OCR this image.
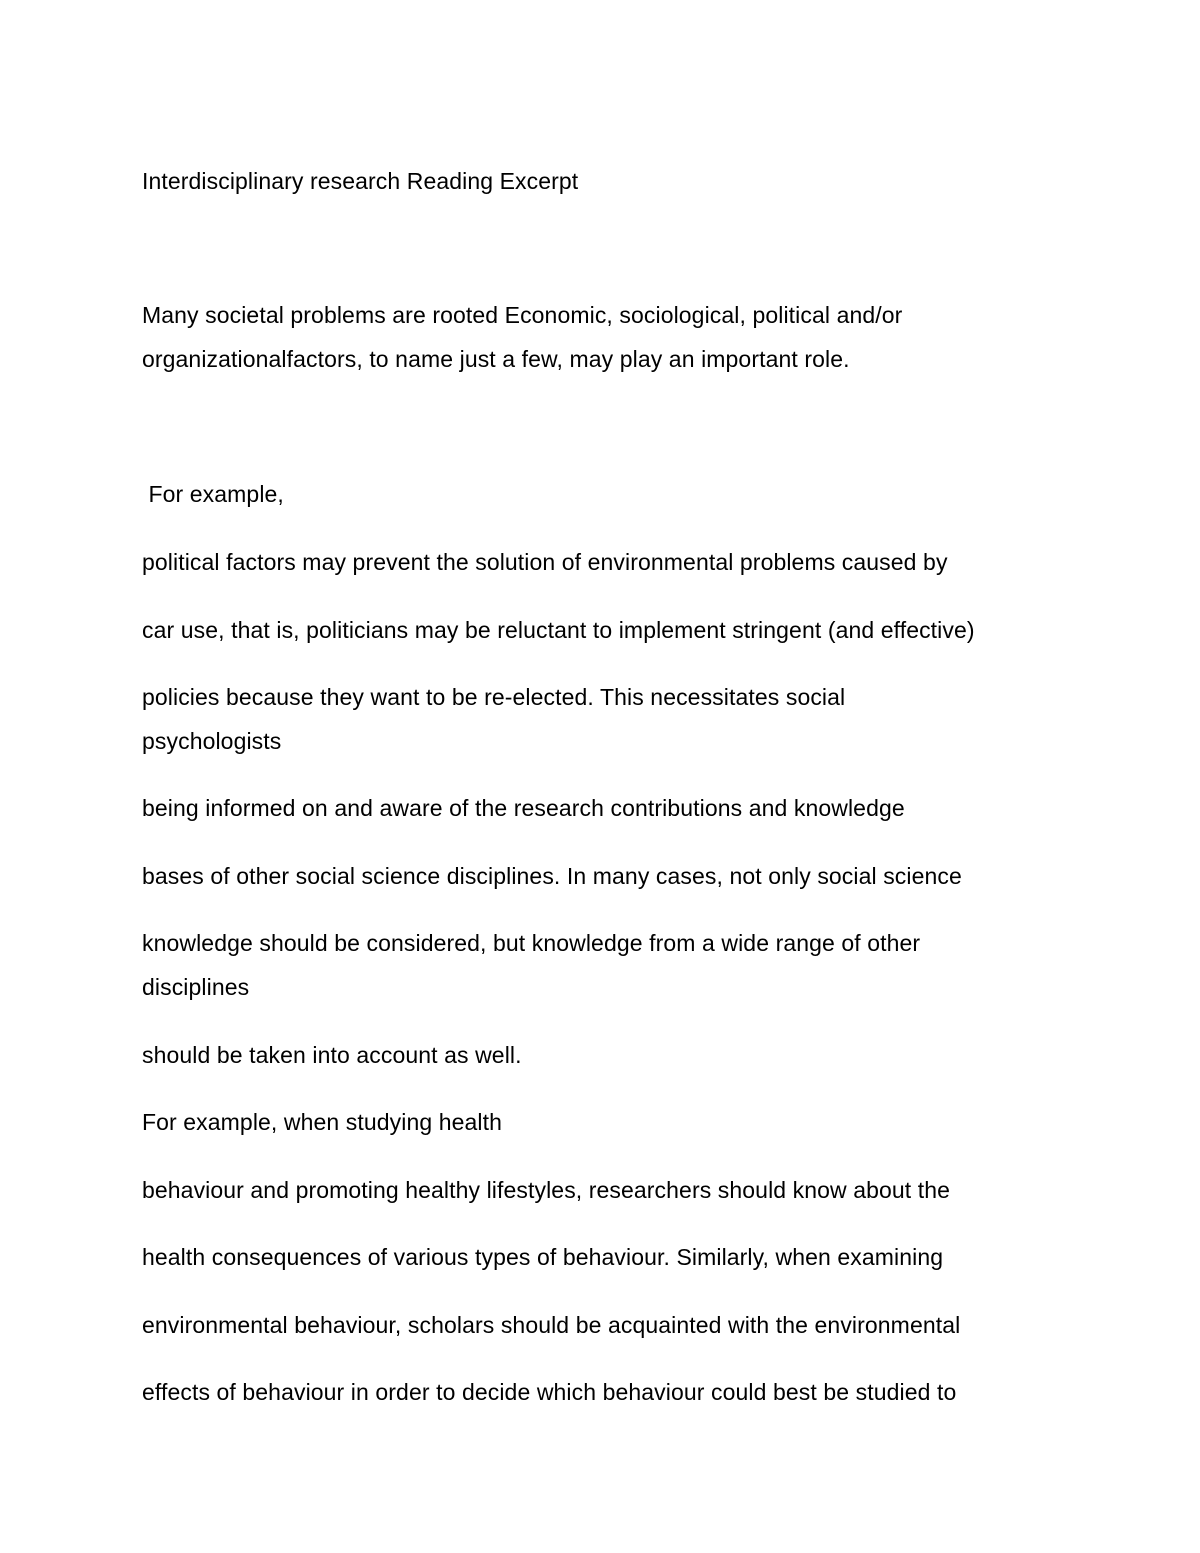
Interdisciplinary research Reading Excerpt

Many societal problems are rooted Economic, sociological, political and/or

organizationalfactors, to name just a few, may play an important role.

For example,

political factors may prevent the solution of environmental problems caused by

car use, that is, politicians may be reluctant to implement stringent (and effective)

policies because they want to be re-elected. This necessitates social

psychologists

being informed on and aware of the research contributions and knowledge

bases of other social science disciplines. In many cases, not only social science

knowledge should be considered, but knowledge from a wide range of other

disciplines

should be taken into account as well.

For example, when studying health

behaviour and promoting healthy lifestyles, researchers should know about the

health consequences of various types of behaviour. Similarly, when examining

environmental behaviour, scholars should be acquainted with the environmental

effects of behaviour in order to decide which behaviour could best be studied to
